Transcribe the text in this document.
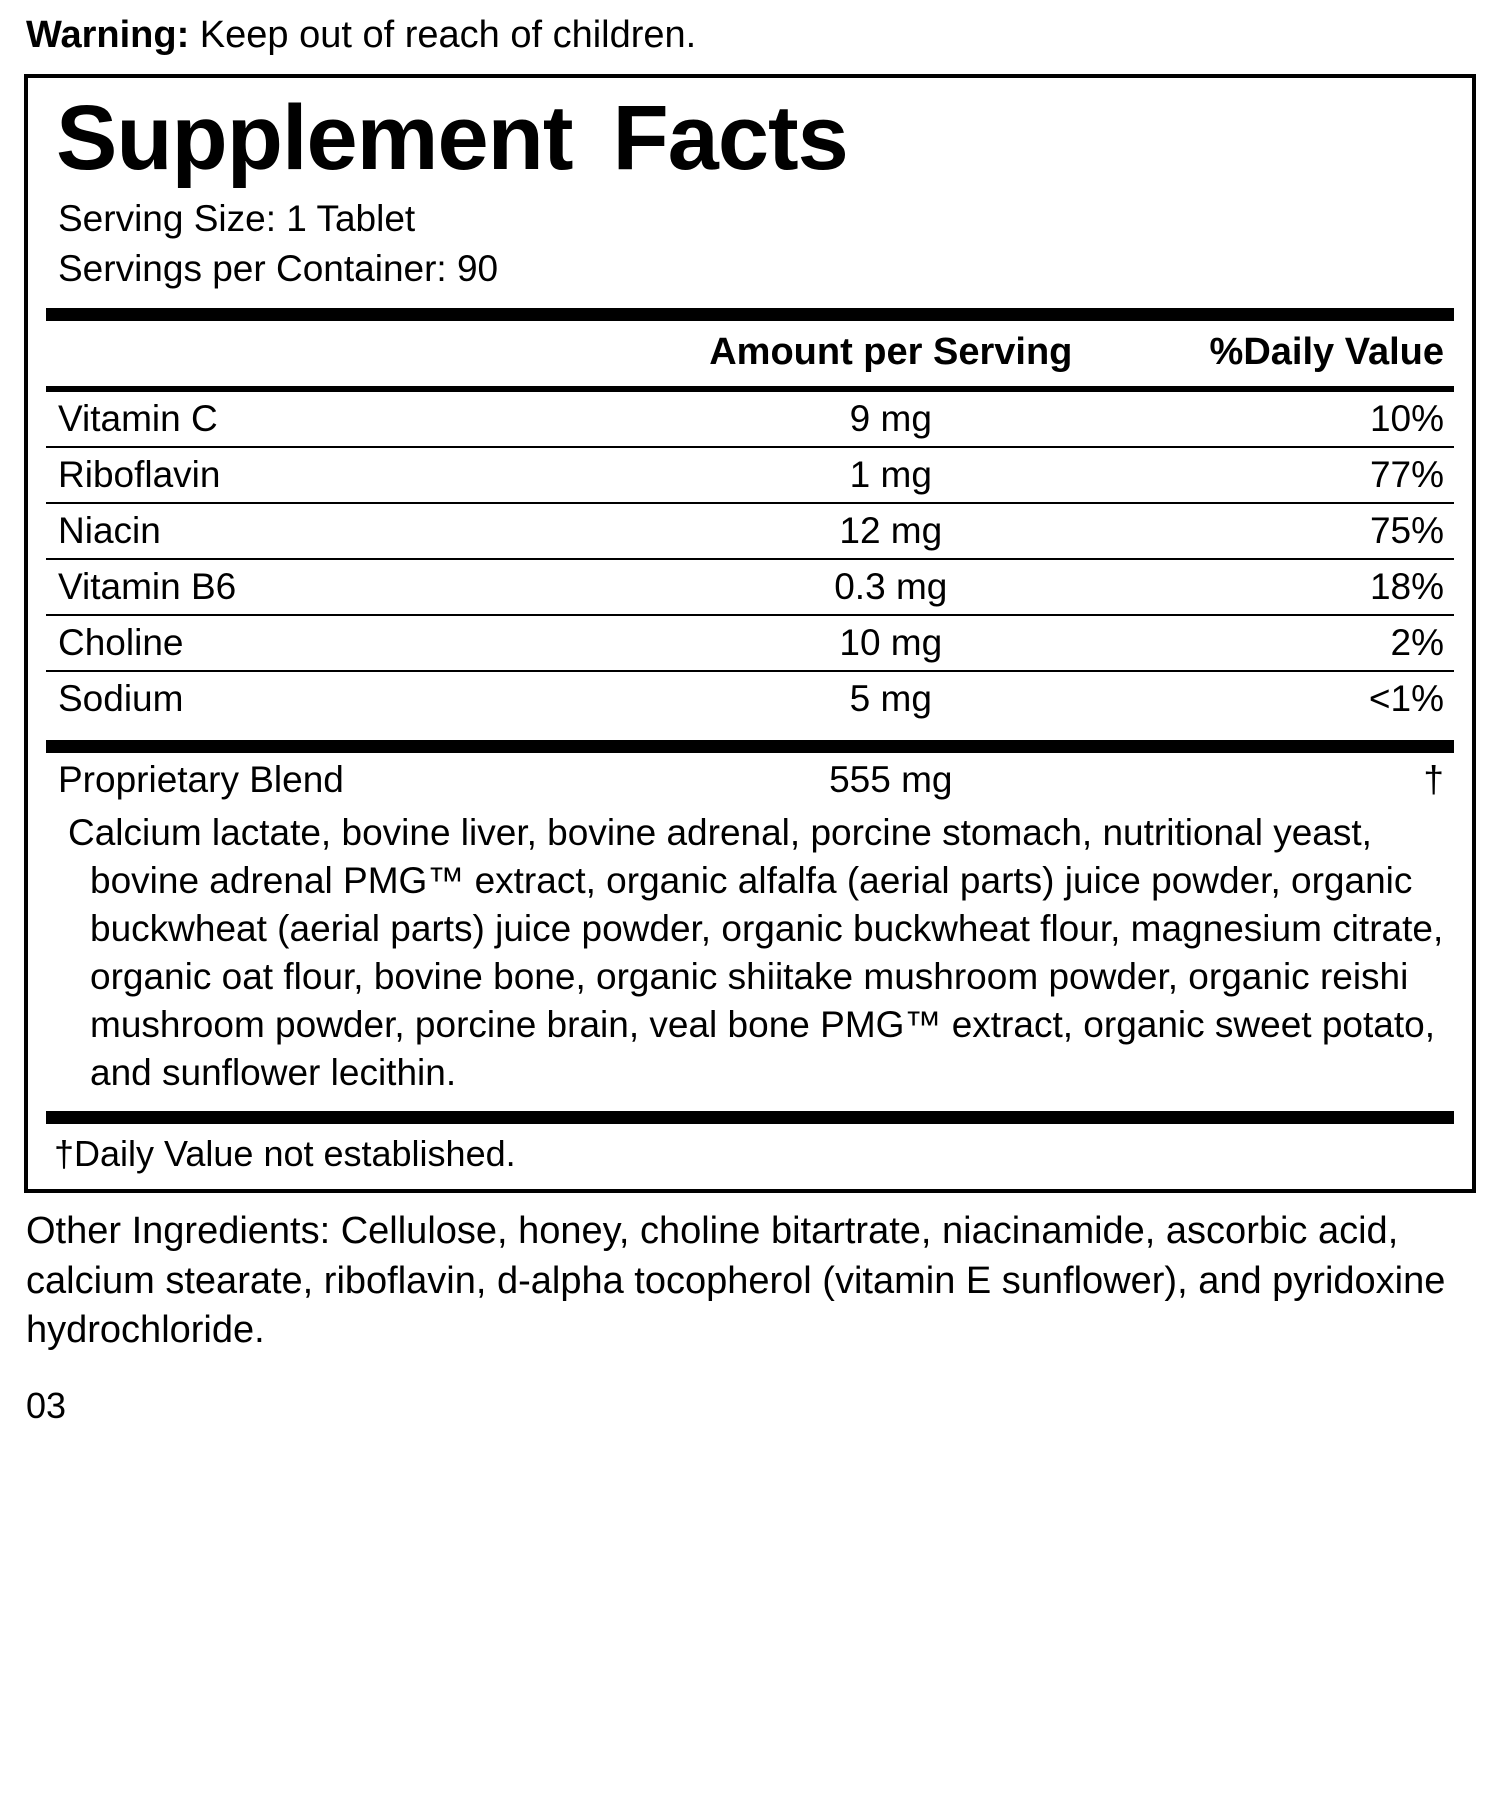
Warning: Keep out of reach of children.

Supplement Facts
Serving Size: 1 Tablet
Servings per Container: 90
	Amount per Serving	%Daily Value
Vitamin C	9 mg	10%
Riboflavin	1 mg	77%
Niacin	12 mg	75%
Vitamin B6	0.3 mg	18%
Choline	10 mg	2%
Sodium	5 mg	<1%
Proprietary Blend	555 mg	†
Calcium lactate, bovine liver, bovine adrenal, porcine stomach, nutritional yeast, bovine adrenal PMG™ extract, organic alfalfa (aerial parts) juice powder, organic buckwheat (aerial parts) juice powder, organic buckwheat flour, magnesium citrate, organic oat flour, bovine bone, organic shiitake mushroom powder, organic reishi mushroom powder, porcine brain, veal bone PMG™ extract, organic sweet potato, and sunflower lecithin.
†Daily Value not established.
Other Ingredients: Cellulose, honey, choline bitartrate, niacinamide, ascorbic acid, calcium stearate, riboflavin, d-alpha tocopherol (vitamin E sunflower), and pyridoxine hydrochloride.
03
